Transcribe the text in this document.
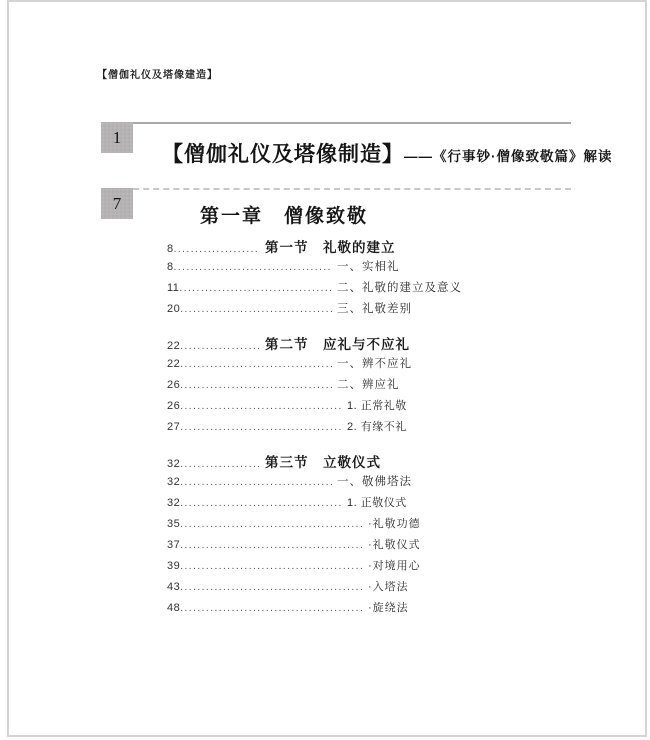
【僧伽礼仪及塔像建造】
1
【僧伽礼仪及塔像制造】——《行事钞·僧像致敬篇》解读
7
第一章　僧像致敬
8 .....	第一节　礼敬的建立
8 .....	一、实相礼
11 .....	二、礼敬的建立及意义
20 .....	三、礼敬差别
22 .....	第二节　应礼与不应礼
22 .....	一、辨不应礼
26 .....	二、辨应礼
26 .....	1. 正常礼敬
27 .....	2. 有缘不礼
32 .....	第三节　立敬仪式
32 .....	一、敬佛塔法
32 .....	1. 正敬仪式
35 .....	·礼敬功德
37 .....	·礼敬仪式
39 .....	·对境用心
43 .....	·入塔法
48 .....	·旋绕法
